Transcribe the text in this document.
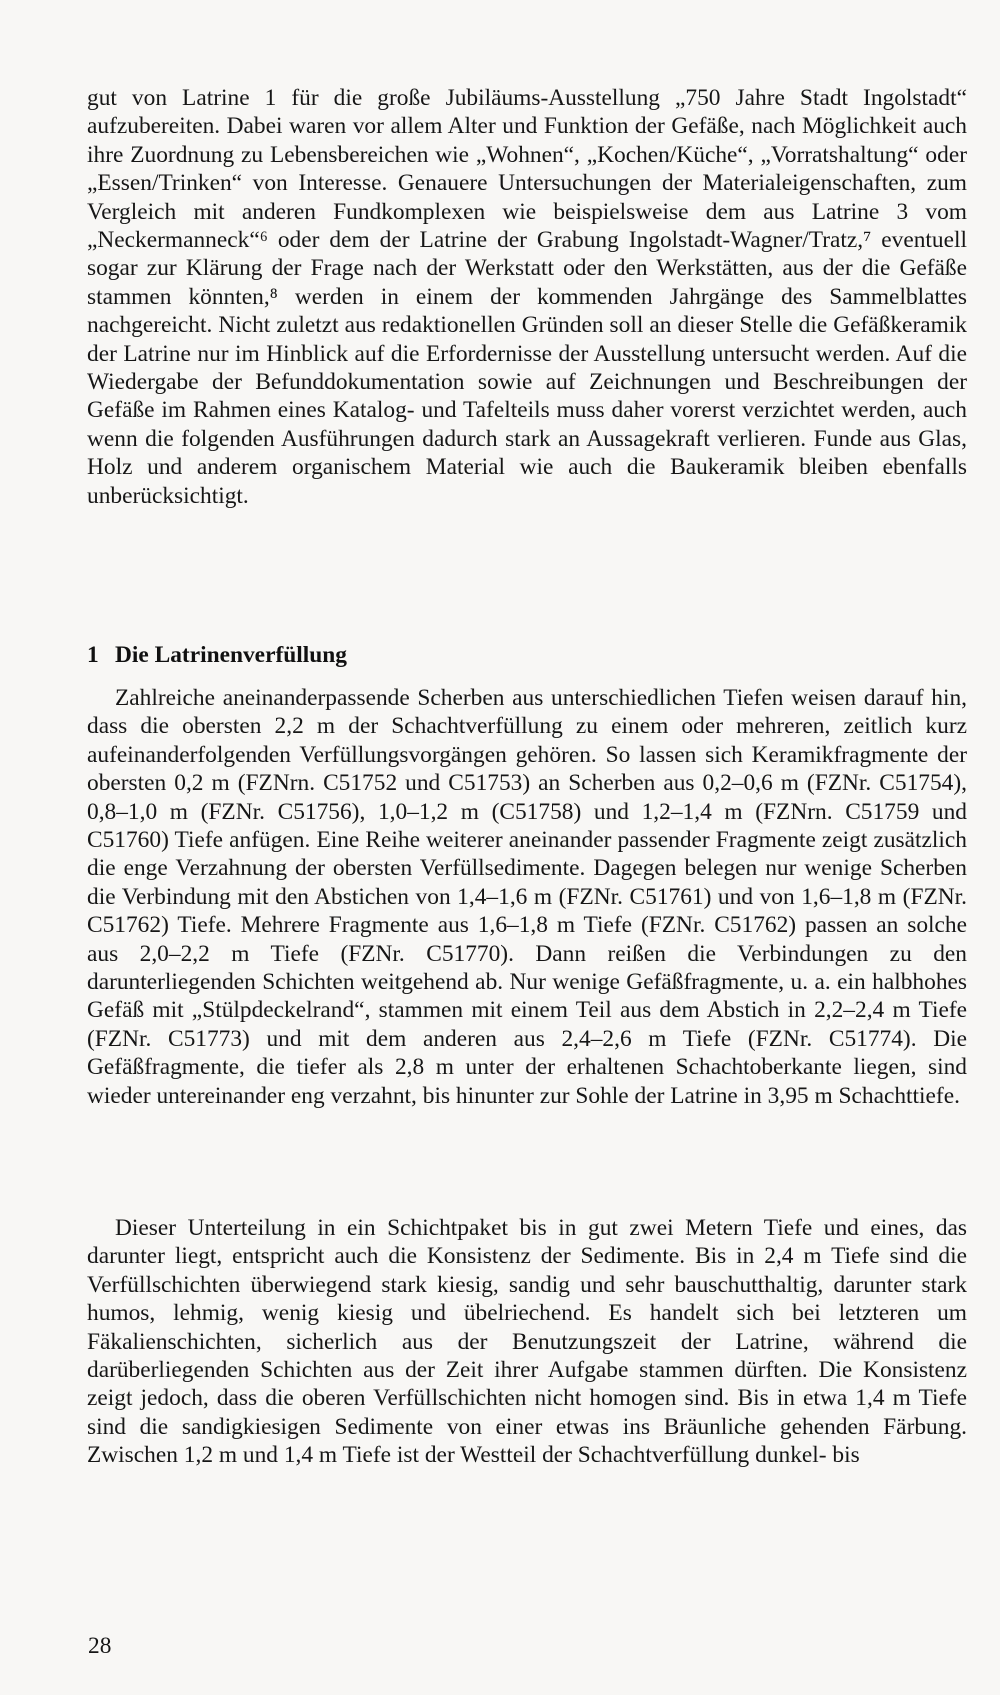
gut von Latrine 1 für die große Jubiläums-Ausstellung „750 Jahre Stadt Ingolstadt“ aufzubereiten. Dabei waren vor allem Alter und Funktion der Gefäße, nach Möglichkeit auch ihre Zuordnung zu Lebensbereichen wie „Wohnen“, „Kochen/Küche“, „Vorratshaltung“ oder „Essen/Trinken“ von Interesse. Genauere Untersuchungen der Materialeigenschaften, zum Vergleich mit anderen Fundkomplexen wie beispielsweise dem aus Latrine 3 vom „Neckermanneck“⁶ oder dem der Latrine der Grabung Ingolstadt-Wagner/Tratz,⁷ eventuell sogar zur Klärung der Frage nach der Werkstatt oder den Werkstätten, aus der die Gefäße stammen könnten,⁸ werden in einem der kommenden Jahrgänge des Sammelblattes nachgereicht. Nicht zuletzt aus redaktionellen Gründen soll an dieser Stelle die Gefäßkeramik der Latrine nur im Hinblick auf die Erfordernisse der Ausstellung untersucht werden. Auf die Wiedergabe der Befunddokumentation sowie auf Zeichnungen und Beschreibungen der Gefäße im Rahmen eines Katalog- und Tafelteils muss daher vorerst verzichtet werden, auch wenn die folgenden Ausführungen dadurch stark an Aussagekraft verlieren. Funde aus Glas, Holz und anderem organischem Material wie auch die Baukeramik bleiben ebenfalls unberücksichtigt.

1 Die Latrinenverfüllung

Zahlreiche aneinanderpassende Scherben aus unterschiedlichen Tiefen weisen darauf hin, dass die obersten 2,2 m der Schachtverfüllung zu einem oder mehreren, zeitlich kurz aufeinanderfolgenden Verfüllungsvorgängen gehören. So lassen sich Keramikfragmente der obersten 0,2 m (FZNrn. C51752 und C51753) an Scherben aus 0,2–0,6 m (FZNr. C51754), 0,8–1,0 m (FZNr. C51756), 1,0–1,2 m (C51758) und 1,2–1,4 m (FZNrn. C51759 und C51760) Tiefe anfügen. Eine Reihe weiterer aneinander passender Fragmente zeigt zusätzlich die enge Verzahnung der obersten Verfüllsedimente. Dagegen belegen nur wenige Scherben die Verbindung mit den Abstichen von 1,4–1,6 m (FZNr. C51761) und von 1,6–1,8 m (FZNr. C51762) Tiefe. Mehrere Fragmente aus 1,6–1,8 m Tiefe (FZNr. C51762) passen an solche aus 2,0–2,2 m Tiefe (FZNr. C51770). Dann reißen die Verbindungen zu den darunterliegenden Schichten weitgehend ab. Nur wenige Gefäßfragmente, u. a. ein halbhohes Gefäß mit „Stülpdeckelrand“, stammen mit einem Teil aus dem Abstich in 2,2–2,4 m Tiefe (FZNr. C51773) und mit dem anderen aus 2,4–2,6 m Tiefe (FZNr. C51774). Die Gefäßfragmente, die tiefer als 2,8 m unter der erhaltenen Schachtoberkante liegen, sind wieder untereinander eng verzahnt, bis hinunter zur Sohle der Latrine in 3,95 m Schachttiefe.

Dieser Unterteilung in ein Schichtpaket bis in gut zwei Metern Tiefe und eines, das darunter liegt, entspricht auch die Konsistenz der Sedimente. Bis in 2,4 m Tiefe sind die Verfüllschichten überwiegend stark kiesig, sandig und sehr bauschutthaltig, darunter stark humos, lehmig, wenig kiesig und übelriechend. Es handelt sich bei letzteren um Fäkalienschichten, sicherlich aus der Benutzungszeit der Latrine, während die darüberliegenden Schichten aus der Zeit ihrer Aufgabe stammen dürften. Die Konsistenz zeigt jedoch, dass die oberen Verfüllschichten nicht homogen sind. Bis in etwa 1,4 m Tiefe sind die sandigkiesigen Sedimente von einer etwas ins Bräunliche gehenden Färbung. Zwischen 1,2 m und 1,4 m Tiefe ist der Westteil der Schachtverfüllung dunkel- bis

28
